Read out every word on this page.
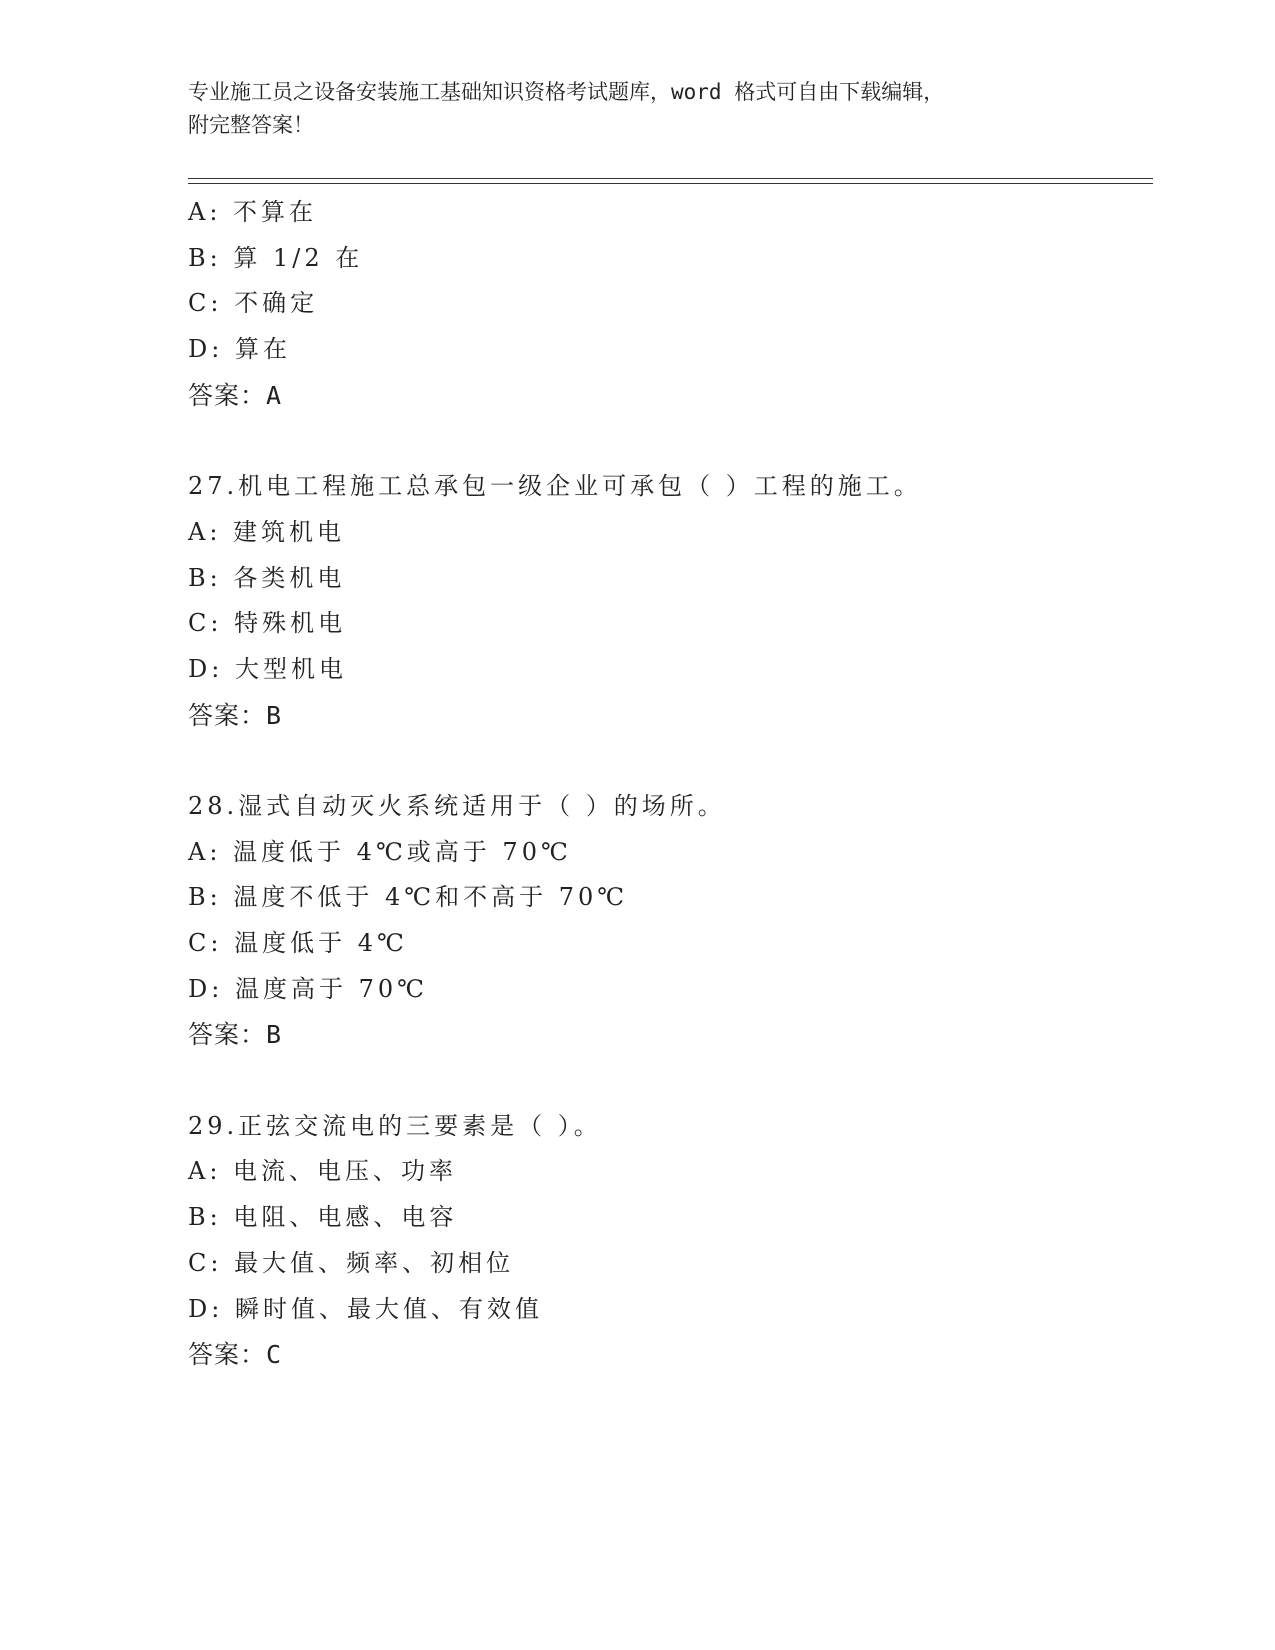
专业施工员之设备安装施工基础知识资格考试题库，word 格式可自由下载编辑，
附完整答案！
A: 不算在
B: 算 1/2 在
C: 不确定
D: 算在
答案：A
27.机电工程施工总承包一级企业可承包（ ）工程的施工。
A: 建筑机电
B: 各类机电
C: 特殊机电
D: 大型机电
答案：B
28.湿式自动灭火系统适用于（ ）的场所。
A: 温度低于 4℃或高于 70℃
B: 温度不低于 4℃和不高于 70℃
C: 温度低于 4℃
D: 温度高于 70℃
答案：B
29.正弦交流电的三要素是（ ）。
A: 电流、电压、功率
B: 电阻、电感、电容
C: 最大值、频率、初相位
D: 瞬时值、最大值、有效值
答案：C
